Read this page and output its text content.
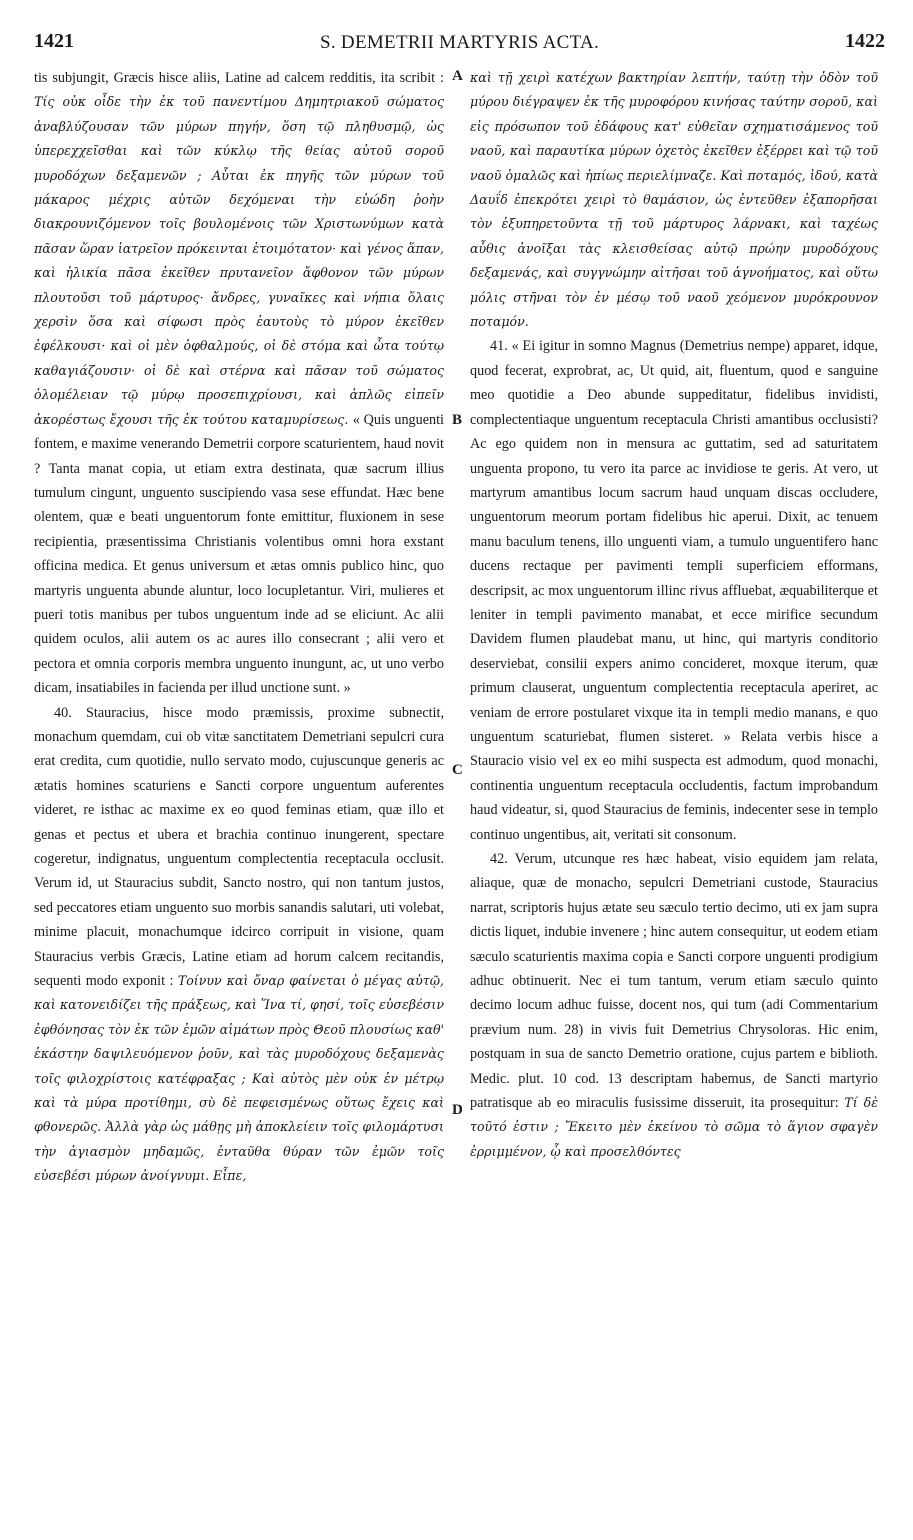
1421	S. DEMETRII MARTYRIS ACTA.	1422

tis subjungit, Græcis hisce aliis, Latine ad calcem redditis, ita scribit : Τίς οὐκ οἶδε τὴν ἐκ τοῦ πανεντίμου Δημητριακοῦ σώματος ἀναβλύζουσαν τῶν μύρων πηγήν, ὅση τῷ πληθυσμῷ, ὡς ὑπερεχχεῖσθαι καὶ τῶν κύκλῳ τῆς θείας αὐτοῦ σοροῦ μυροδόχων δεξαμενῶν ; Αὗται ἐκ πηγῆς τῶν μύρων τοῦ μάκαρος μέχρις αὐτῶν δεχόμεναι τὴν εὐώδη ῥοὴν διακρουνιζόμενον τοῖς βουλομένοις τῶν Χριστωνύμων κατὰ πᾶσαν ὥραν ἰατρεῖον πρόκεινται ἑτοιμότατον· καὶ γένος ἅπαν, καὶ ἡλικία πᾶσα ἐκεῖθεν πρυτανεῖον ἄφθονον τῶν μύρων πλουτοῦσι τοῦ μάρτυρος· ἄνδρες, γυναῖκες καὶ νήπια ὅλαις χερσὶν ὅσα καὶ σίφωσι πρὸς ἑαυτοὺς τὸ μύρον ἐκεῖθεν ἐφέλκουσι· καὶ οἱ μὲν ὀφθαλμούς, οἱ δὲ στόμα καὶ ὦτα τούτῳ καθαγιάζουσιν· οἱ δὲ καὶ στέρνα καὶ πᾶσαν τοῦ σώματος ὁλομέλειαν τῷ μύρῳ προσεπιχρίουσι, καὶ ἁπλῶς εἰπεῖν ἀκορέστως ἔχουσι τῆς ἐκ τούτου καταμυρίσεως. « Quis unguenti fontem, e maxime venerando Demetrii corpore scaturientem, haud novit ? Tanta manat copia, ut etiam extra destinata, quæ sacrum illius tumulum cingunt, unguento suscipiendo vasa sese effundat. Hæc bene olentem, quæ e beati unguentorum fonte emittitur, fluxionem in sese recipientia, præsentissima Christianis volentibus omni hora exstant officina medica. Et genus universum et ætas omnis publico hinc, quo martyris unguenta abunde aluntur, loco locupletantur. Viri, mulieres et pueri totis manibus per tubos unguentum inde ad se eliciunt. Ac alii quidem oculos, alii autem os ac aures illo consecrant ; alii vero et pectora et omnia corporis membra unguento inungunt, ac, ut uno verbo dicam, insatiabiles in facienda per illud unctione sunt. »

40. Stauracius, hisce modo præmissis, proxime subnectit, monachum quemdam, cui ob vitæ sanctitatem Demetriani sepulcri cura erat credita, cum quotidie, nullo servato modo, cujuscunque generis ac ætatis homines scaturiens e Sancti corpore unguentum auferentes videret, re isthac ac maxime ex eo quod feminas etiam, quæ illo et genas et pectus et ubera et brachia continuo inungerent, spectare cogeretur, indignatus, unguentum complectentia receptacula occlusit. Verum id, ut Stauracius subdit, Sancto nostro, qui non tantum justos, sed peccatores etiam unguento suo morbis sanandis salutari, uti volebat, minime placuit, monachumque idcirco corripuit in visione, quam Stauracius verbis Græcis, Latine etiam ad horum calcem recitandis, sequenti modo exponit : Τοίνυν καὶ ὄναρ φαίνεται ὁ μέγας αὐτῷ, καὶ κατονειδίζει τῆς πράξεως, καὶ Ἵνα τί, φησί, τοῖς εὐσεβέσιν ἐφθόνησας τὸν ἐκ τῶν ἐμῶν αἱμάτων πρὸς Θεοῦ πλουσίως καθ' ἑκάστην δαψιλευόμενον ῥοῦν, καὶ τὰς μυροδόχους δεξαμενὰς τοῖς φιλοχρίστοις κατέφραξας ; Καὶ αὐτὸς μὲν οὐκ ἐν μέτρῳ καὶ τὰ μύρα προτίθημι, σὺ δὲ πεφεισμένως οὕτως ἔχεις καὶ φθονερῶς. Ἀλλὰ γὰρ ὡς μάθῃς μὴ ἀποκλείειν τοῖς φιλομάρτυσι τὴν ἁγιασμὸν μηδαμῶς, ἐνταῦθα θύραν τῶν ἐμῶν τοῖς εὐσεβέσι μύρων ἀνοίγνυμι. Εἶπε,

καὶ τῇ χειρὶ κατέχων βακτηρίαν λεπτήν, ταύτῃ τὴν ὁδὸν τοῦ μύρου διέγραψεν ἐκ τῆς μυροφόρου κινήσας ταύτην σοροῦ, καὶ εἰς πρόσωπον τοῦ ἐδάφους κατ' εὐθεῖαν σχηματισάμενος τοῦ ναοῦ, καὶ παραυτίκα μύρων ὀχετὸς ἐκεῖθεν ἐξέρρει καὶ τῷ τοῦ ναοῦ ὁμαλῶς καὶ ἠπίως περιελίμναζε. Καὶ ποταμός, ἰδού, κατὰ Δαυΐδ ἐπεκρότει χειρὶ τὸ θαμάσιον, ὡς ἐντεῦθεν ἐξαπορῆσαι τὸν ἐξυπηρετοῦντα τῇ τοῦ μάρτυρος λάρνακι, καὶ ταχέως αὖθις ἀνοῖξαι τὰς κλεισθείσας αὐτῷ πρώην μυροδόχους δεξαμενάς, καὶ συγγνώμην αἰτῆσαι τοῦ ἀγνοήματος, καὶ οὕτω μόλις στῆναι τὸν ἐν μέσῳ τοῦ ναοῦ χεόμενον μυρόκρουνον ποταμόν.

41. « Ei igitur in somno Magnus (Demetrius nempe) apparet, idque, quod fecerat, exprobrat, ac, Ut quid, ait, fluentum, quod e sanguine meo quotidie a Deo abunde suppeditatur, fidelibus invidisti, complectentiaque unguentum receptacula Christi amantibus occlusisti? Ac ego quidem non in mensura ac guttatim, sed ad saturitatem unguenta propono, tu vero ita parce ac invidiose te geris. At vero, ut martyrum amantibus locum sacrum haud unquam discas occludere, unguentorum meorum portam fidelibus hic aperui. Dixit, ac tenuem manu baculum tenens, illo unguenti viam, a tumulo unguentifero hanc ducens rectaque per pavimenti templi superficiem efformans, descripsit, ac mox unguentorum illinc rivus affluebat, æquabiliterque et leniter in templi pavimento manabat, et ecce mirifice secundum Davidem flumen plaudebat manu, ut hinc, qui martyris conditorio deserviebat, consilii expers animo concideret, moxque iterum, quæ primum clauserat, unguentum complectentia receptacula aperiret, ac veniam de errore postularet vixque ita in templi medio manans, e quo unguentum scaturiebat, flumen sisteret. » Relata verbis hisce a Stauracio visio vel ex eo mihi suspecta est admodum, quod monachi, continentia unguentum receptacula occludentis, factum improbandum haud videatur, si, quod Stauracius de feminis, indecenter sese in templo continuo ungentibus, ait, veritati sit consonum.

42. Verum, utcunque res hæc habeat, visio equidem jam relata, aliaque, quæ de monacho, sepulcri Demetriani custode, Stauracius narrat, scriptoris hujus ætate seu sæculo tertio decimo, uti ex jam supra dictis liquet, indubie invenere ; hinc autem consequitur, ut eodem etiam sæculo scaturientis maxima copia e Sancti corpore unguenti prodigium adhuc obtinuerit. Nec ei tum tantum, verum etiam sæculo quinto decimo locum adhuc fuisse, docent nos, qui tum (adi Commentarium prævium num. 28) in vivis fuit Demetrius Chrysoloras. Hic enim, postquam in sua de sancto Demetrio oratione, cujus partem e biblioth. Medic. plut. 10 cod. 13 descriptam habemus, de Sancti martyrio patratisque ab eo miraculis fusissime disseruit, ita prosequitur: Τί δὲ τοῦτό ἐστιν ; Ἔκειτο μὲν ἐκείνου τὸ σῶμα τὸ ἅγιον σφαγὲν ἐρριμμένον, ᾧ καὶ προσελθόντες

A
B
C
D
